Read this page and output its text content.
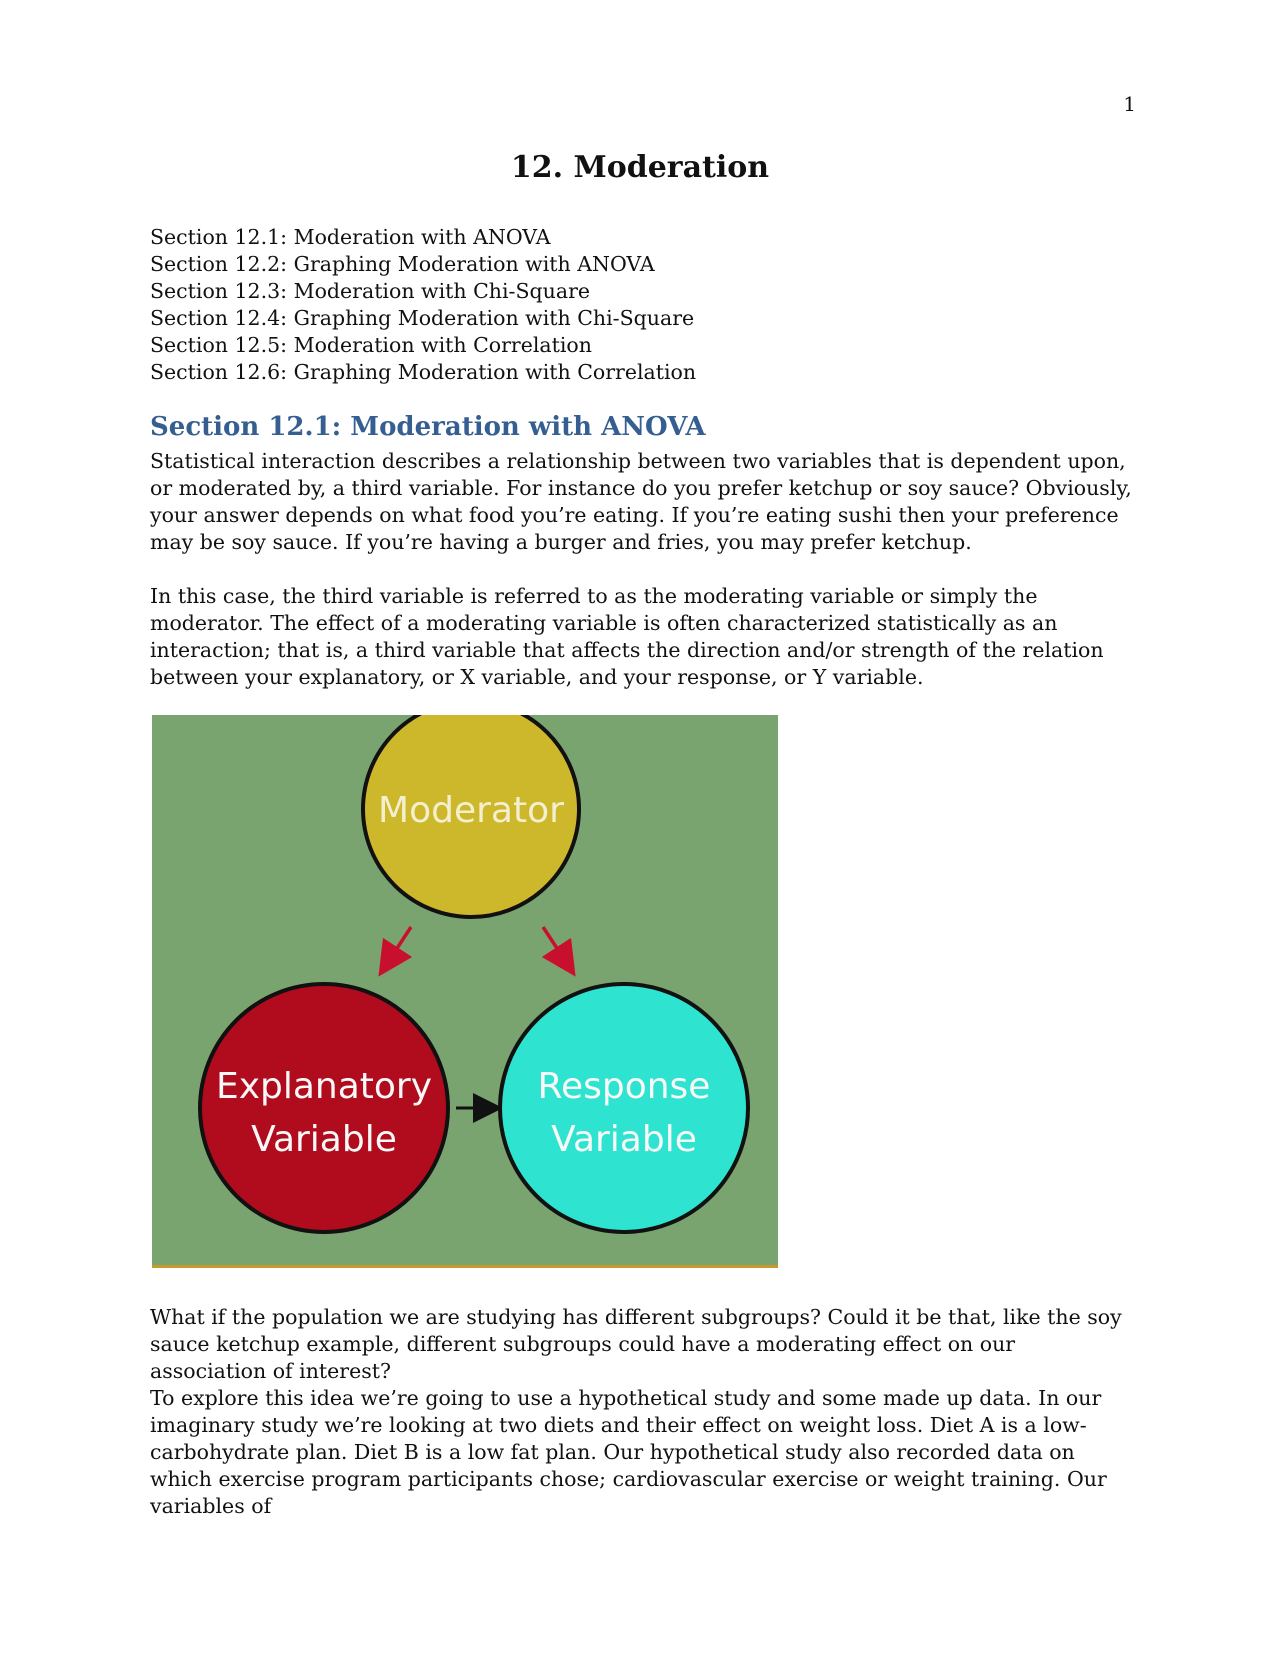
1
12. Moderation
Section 12.1: Moderation with ANOVA
Section 12.2: Graphing Moderation with ANOVA
Section 12.3: Moderation with Chi-Square
Section 12.4: Graphing Moderation with Chi-Square
Section 12.5: Moderation with Correlation
Section 12.6: Graphing Moderation with Correlation
Section 12.1: Moderation with ANOVA

Statistical interaction describes a relationship between two variables that is dependent upon, or moderated by, a third variable. For instance do you prefer ketchup or soy sauce? Obviously, your answer depends on what food you’re eating. If you’re eating sushi then your preference may be soy sauce. If you’re having a burger and fries, you may prefer ketchup.

In this case, the third variable is referred to as the moderating variable or simply the moderator. The effect of a moderating variable is often characterized statistically as an interaction; that is, a third variable that affects the direction and/or strength of the relation between your explanatory, or X variable, and your response, or Y variable.

Moderator
Explanatory
Variable
Response
Variable

What if the population we are studying has different subgroups? Could it be that, like the soy sauce ketchup example, different subgroups could have a moderating effect on our association of interest?

To explore this idea we’re going to use a hypothetical study and some made up data. In our imaginary study we’re looking at two diets and their effect on weight loss. Diet A is a low-carbohydrate plan. Diet B is a low fat plan. Our hypothetical study also recorded data on which exercise program participants chose; cardiovascular exercise or weight training. Our variables of
